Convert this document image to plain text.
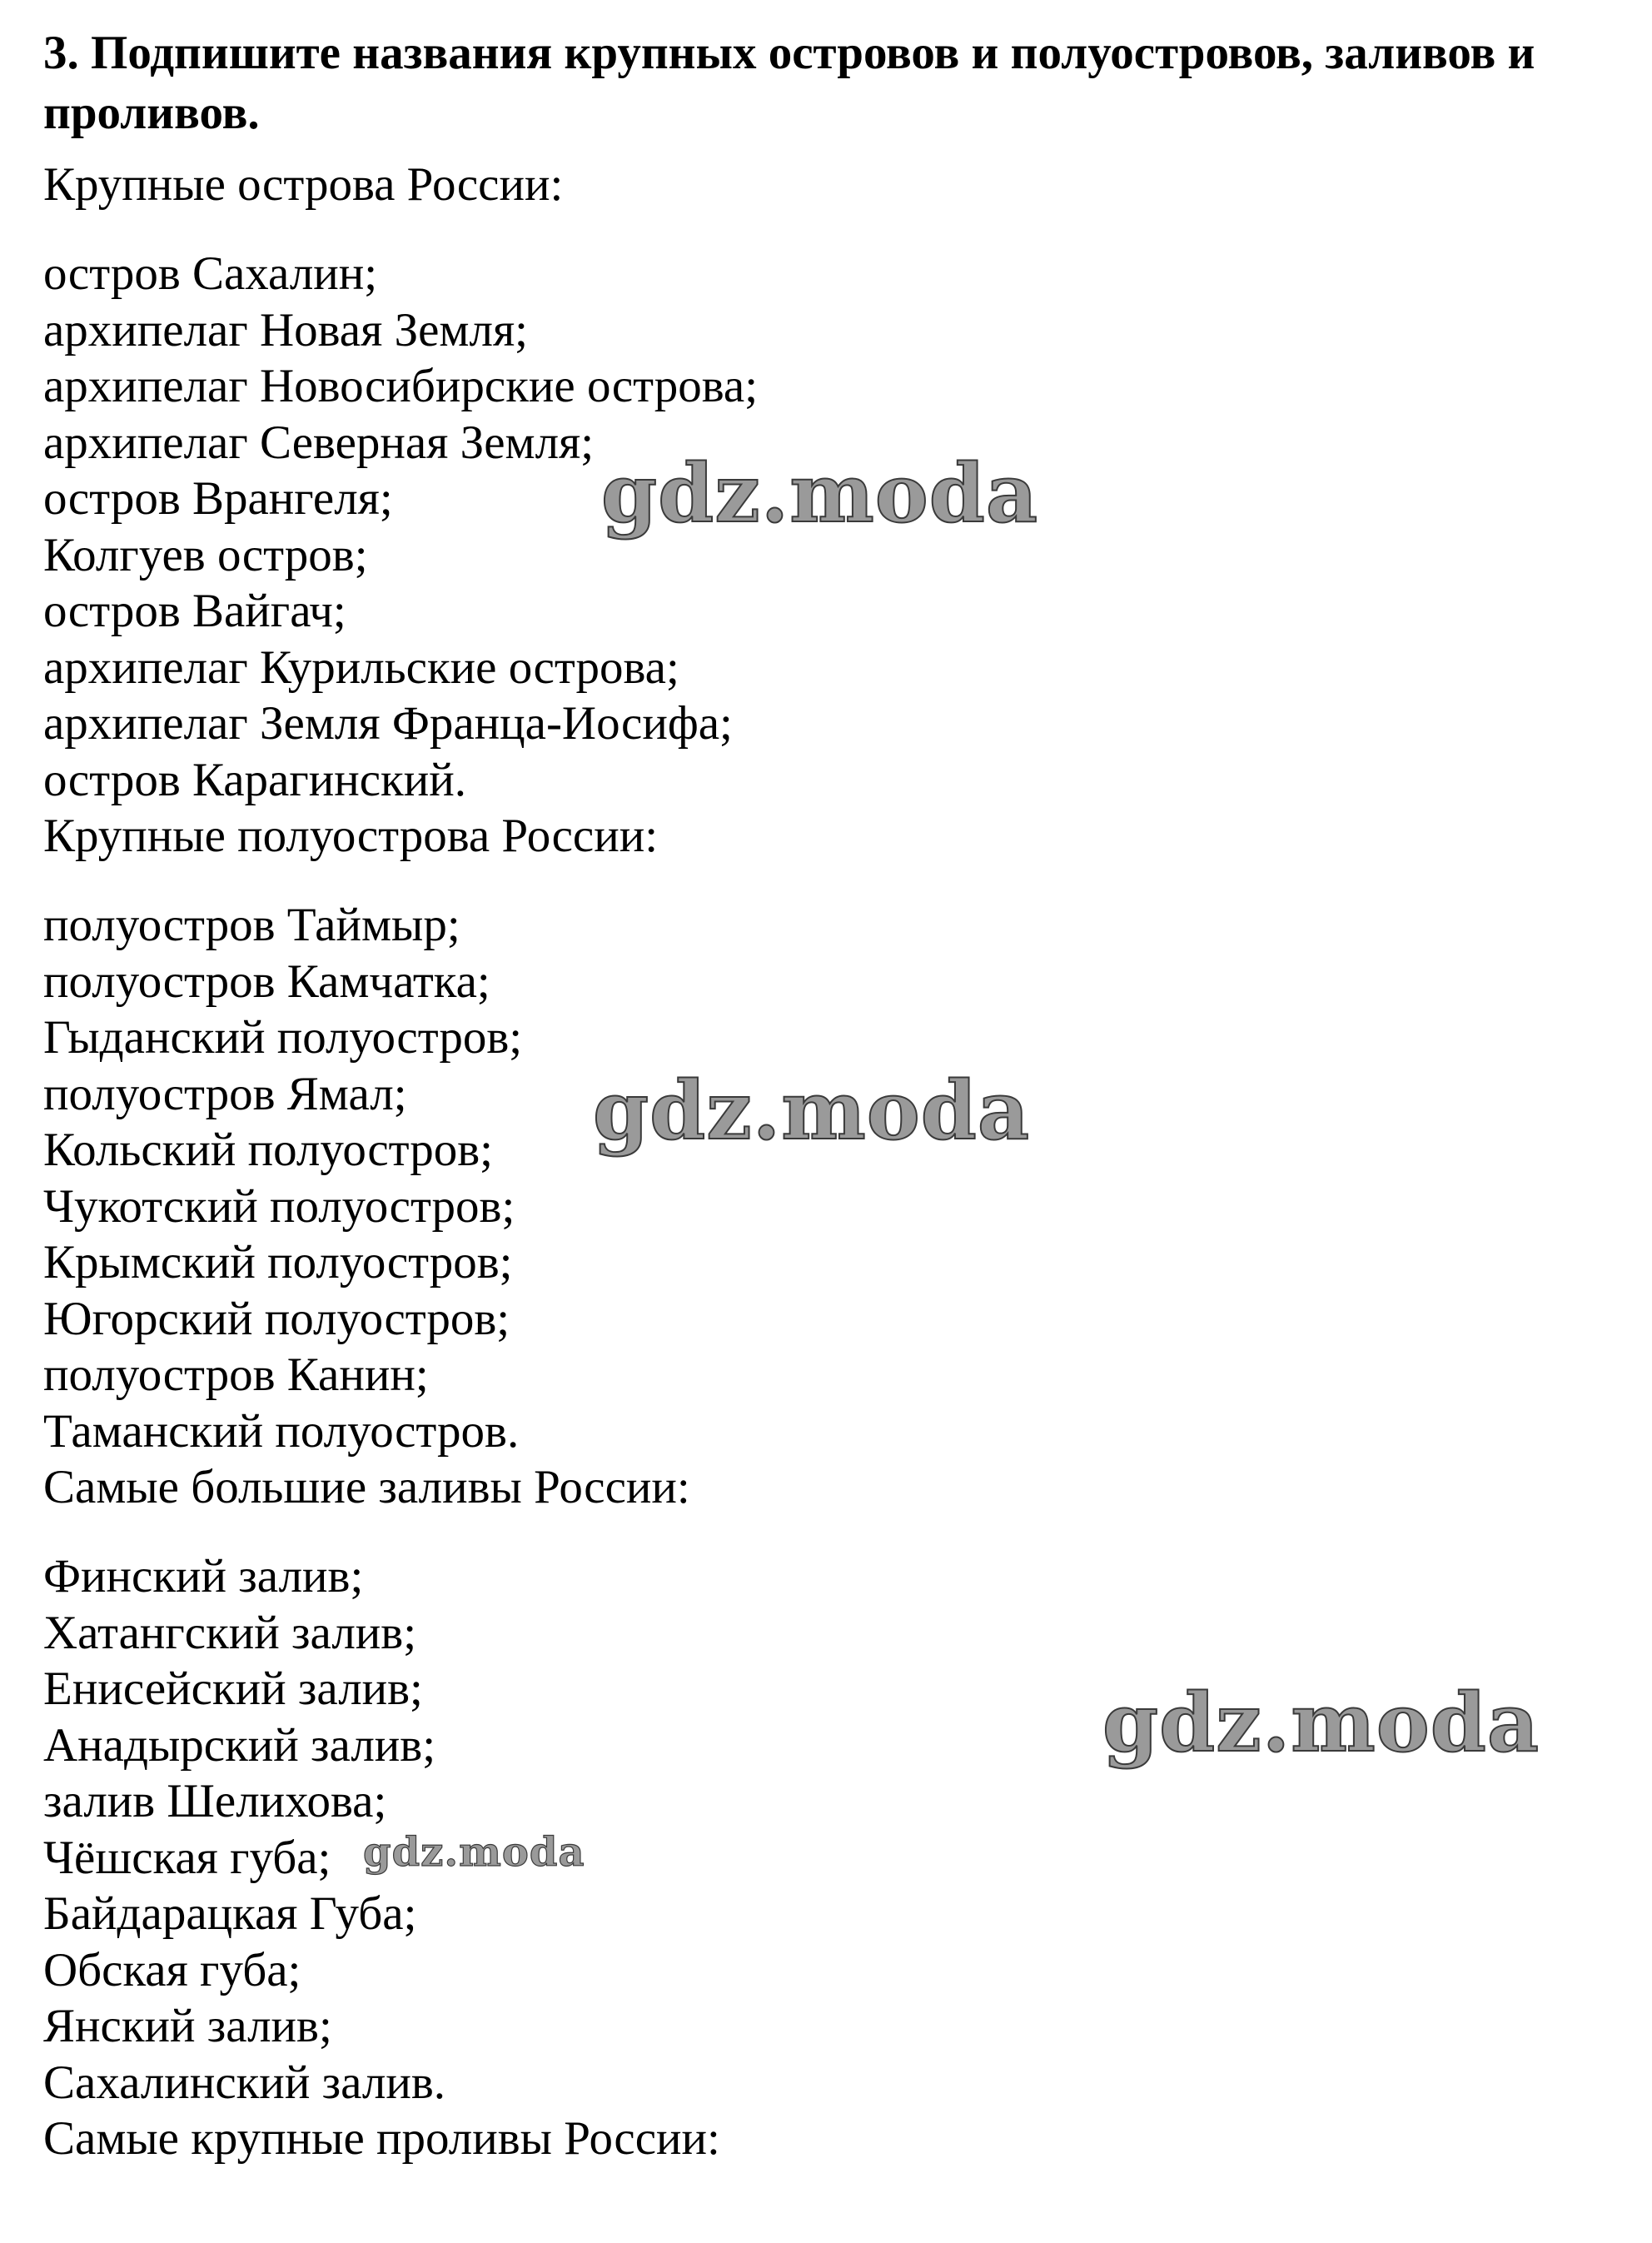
3. Подпишите названия крупных островов и полуостровов, заливов и проливов.

Крупные острова России:

остров Сахалин;
архипелаг Новая Земля;
архипелаг Новосибирские острова;
архипелаг Северная Земля;
остров Врангеля;
Колгуев остров;
остров Вайгач;
архипелаг Курильские острова;
архипелаг Земля Франца-Иосифа;
остров Карагинский.

Крупные полуострова России:

полуостров Таймыр;
полуостров Камчатка;
Гыданский полуостров;
полуостров Ямал;
Кольский полуостров;
Чукотский полуостров;
Крымский полуостров;
Югорский полуостров;
полуостров Канин;
Таманский полуостров.

Самые большие заливы России:

Финский залив;
Хатангский залив;
Енисейский залив;
Анадырский залив;
залив Шелихова;
Чёшская губа;
Байдарацкая Губа;
Обская губа;
Янский залив;
Сахалинский залив.

Самые крупные проливы России:

gdz.moda
gdz.moda
gdz.moda
gdz.moda
